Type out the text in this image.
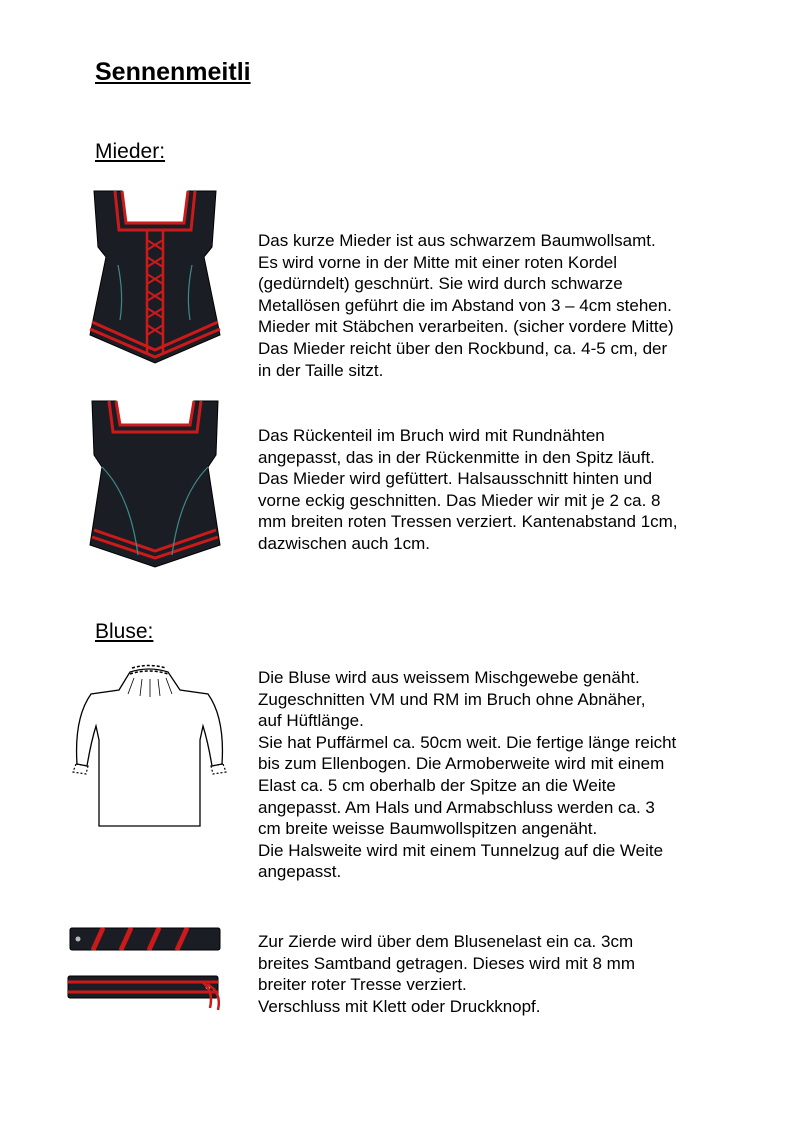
Sennenmeitli
Mieder:
Das kurze Mieder ist aus schwarzem Baumwollsamt.
Es wird vorne in der Mitte mit einer roten Kordel
(gedürndelt) geschnürt. Sie wird durch schwarze
Metallösen geführt die im Abstand von 3 – 4cm stehen.
Mieder mit Stäbchen verarbeiten. (sicher vordere Mitte)
Das Mieder reicht über den Rockbund, ca. 4-5 cm, der
in der Taille sitzt.
Das Rückenteil im Bruch wird mit Rundnähten
angepasst, das in der Rückenmitte in den Spitz läuft.
Das Mieder wird gefüttert. Halsausschnitt hinten und
vorne eckig geschnitten. Das Mieder wir mit je 2 ca. 8
mm breiten roten Tressen verziert. Kantenabstand 1cm,
dazwischen auch 1cm.
Bluse:
Die Bluse wird aus weissem Mischgewebe genäht.
Zugeschnitten VM und RM im Bruch ohne Abnäher,
auf Hüftlänge.
Sie hat Puffärmel ca. 50cm weit. Die fertige länge reicht
bis zum Ellenbogen. Die Armoberweite wird mit einem
Elast ca. 5 cm oberhalb der Spitze an die Weite
angepasst. Am Hals und Armabschluss werden ca. 3
cm breite weisse Baumwollspitzen angenäht.
Die Halsweite wird mit einem Tunnelzug auf die Weite
angepasst.
Zur Zierde wird über dem Blusenelast ein ca. 3cm
breites Samtband getragen. Dieses wird mit 8 mm
breiter roter Tresse verziert.
Verschluss mit Klett oder Druckknopf.
